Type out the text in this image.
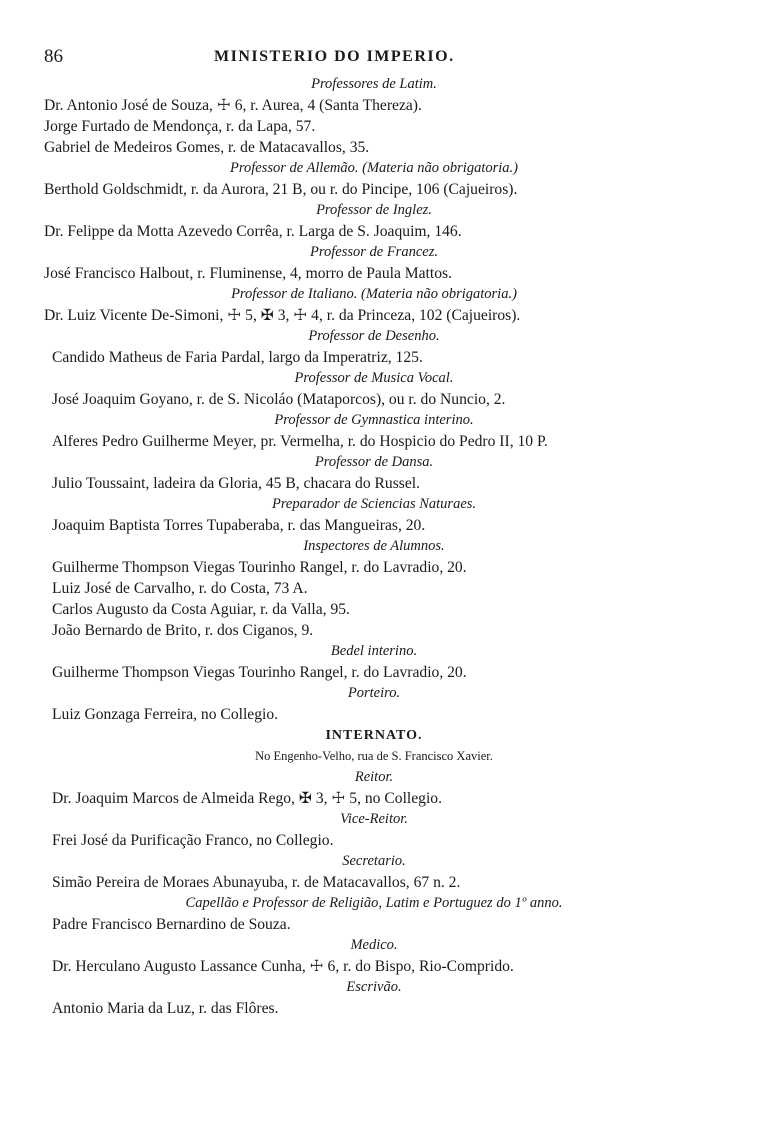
86	MINISTERIO DO IMPERIO.
Professores de Latim.
Dr. Antonio José de Souza, ☩ 6, r. Aurea, 4 (Santa Thereza).
Jorge Furtado de Mendonça, r. da Lapa, 57.
Gabriel de Medeiros Gomes, r. de Matacavallos, 35.
Professor de Allemão. (Materia não obrigatoria.)
Berthold Goldschmidt, r. da Aurora, 21 B, ou r. do Pincipe, 106 (Cajueiros).
Professor de Inglez.
Dr. Felippe da Motta Azevedo Corrêa, r. Larga de S. Joaquim, 146.
Professor de Francez.
José Francisco Halbout, r. Fluminense, 4, morro de Paula Mattos.
Professor de Italiano. (Materia não obrigatoria.)
Dr. Luiz Vicente De-Simoni, ☩ 5, ✠ 3, ☩ 4, r. da Princeza, 102 (Cajueiros).
Professor de Desenho.
Candido Matheus de Faria Pardal, largo da Imperatriz, 125.
Professor de Musica Vocal.
José Joaquim Goyano, r. de S. Nicoláo (Mataporcos), ou r. do Nuncio, 2.
Professor de Gymnastica interino.
Alferes Pedro Guilherme Meyer, pr. Vermelha, r. do Hospicio do Pedro II, 10 P.
Professor de Dansa.
Julio Toussaint, ladeira da Gloria, 45 B, chacara do Russel.
Preparador de Sciencias Naturaes.
Joaquim Baptista Torres Tupaberaba, r. das Mangueiras, 20.
Inspectores de Alumnos.
Guilherme Thompson Viegas Tourinho Rangel, r. do Lavradio, 20.
Luiz José de Carvalho, r. do Costa, 73 A.
Carlos Augusto da Costa Aguiar, r. da Valla, 95.
João Bernardo de Brito, r. dos Ciganos, 9.
Bedel interino.
Guilherme Thompson Viegas Tourinho Rangel, r. do Lavradio, 20.
Porteiro.
Luiz Gonzaga Ferreira, no Collegio.
INTERNATO.
No Engenho-Velho, rua de S. Francisco Xavier.
Reitor.
Dr. Joaquim Marcos de Almeida Rego, ✠ 3, ☩ 5, no Collegio.
Vice-Reitor.
Frei José da Purificação Franco, no Collegio.
Secretario.
Simão Pereira de Moraes Abunayuba, r. de Matacavallos, 67 n. 2.
Capellão e Professor de Religião, Latim e Portuguez do 1º anno.
Padre Francisco Bernardino de Souza.
Medico.
Dr. Herculano Augusto Lassance Cunha, ☩ 6, r. do Bispo, Rio-Comprido.
Escrivão.
Antonio Maria da Luz, r. das Flôres.
